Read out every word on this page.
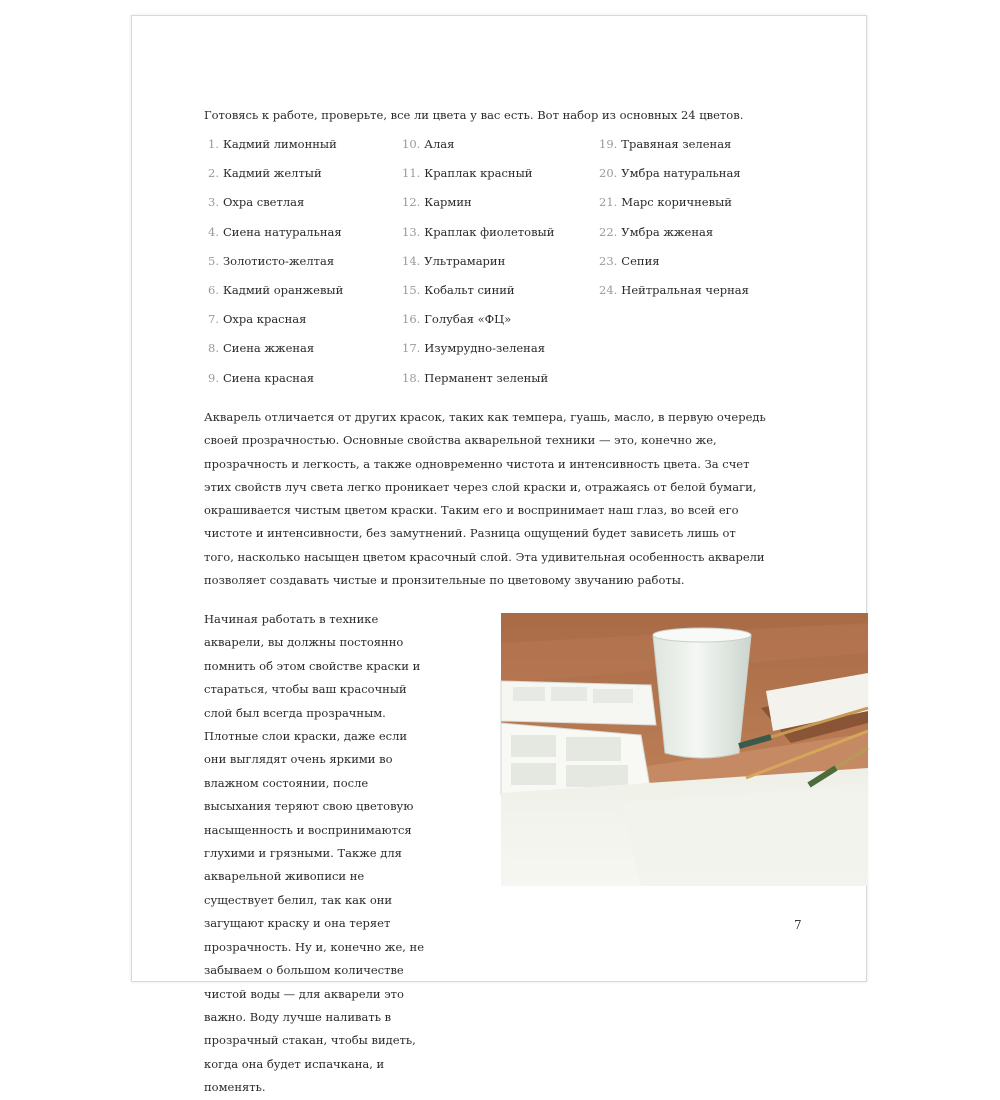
Готовясь к работе, проверьте, все ли цвета у вас есть. Вот набор из основных 24 цветов.
1. Кадмий лимонный
2. Кадмий желтый
3. Охра светлая
4. Сиена натуральная
5. Золотисто-желтая
6. Кадмий оранжевый
7. Охра красная
8. Сиена жженая
9. Сиена красная
10. Алая
11. Краплак красный
12. Кармин
13. Краплак фиолетовый
14. Ультрамарин
15. Кобальт синий
16. Голубая «ФЦ»
17. Изумрудно-зеленая
18. Перманент зеленый
19. Травяная зеленая
20. Умбра натуральная
21. Марс коричневый
22. Умбра жженая
23. Сепия
24. Нейтральная черная

Акварель отличается от других красок, таких как темпера, гуашь, масло, в первую очередь своей прозрачностью. Основные свойства акварельной техники — это, конечно же, прозрачность и легкость, а также одновременно чистота и интенсивность цвета. За счет этих свойств луч света легко проникает через слой краски и, отражаясь от белой бумаги, окрашивается чистым цветом краски. Таким его и воспринимает наш глаз, во всей его чистоте и интенсивности, без замутнений. Разница ощущений будет зависеть лишь от того, насколько насыщен цветом красочный слой. Эта удивительная особенность акварели позволяет создавать чистые и пронзительные по цветовому звучанию работы.

Начиная работать в технике акварели, вы должны постоянно помнить об этом свойстве краски и стараться, чтобы ваш красочный слой был всегда прозрачным. Плотные слои краски, даже если они выглядят очень яркими во влажном состоянии, после высыхания теряют свою цветовую насыщенность и воспринимаются глухими и грязными. Также для акварельной живописи не существует белил, так как они загущают краску и она теряет прозрачность. Ну и, конечно же, не забываем о большом количестве чистой воды — для акварели это важно. Воду лучше наливать в прозрачный стакан, чтобы видеть, когда она будет испачкана, и поменять.

7
